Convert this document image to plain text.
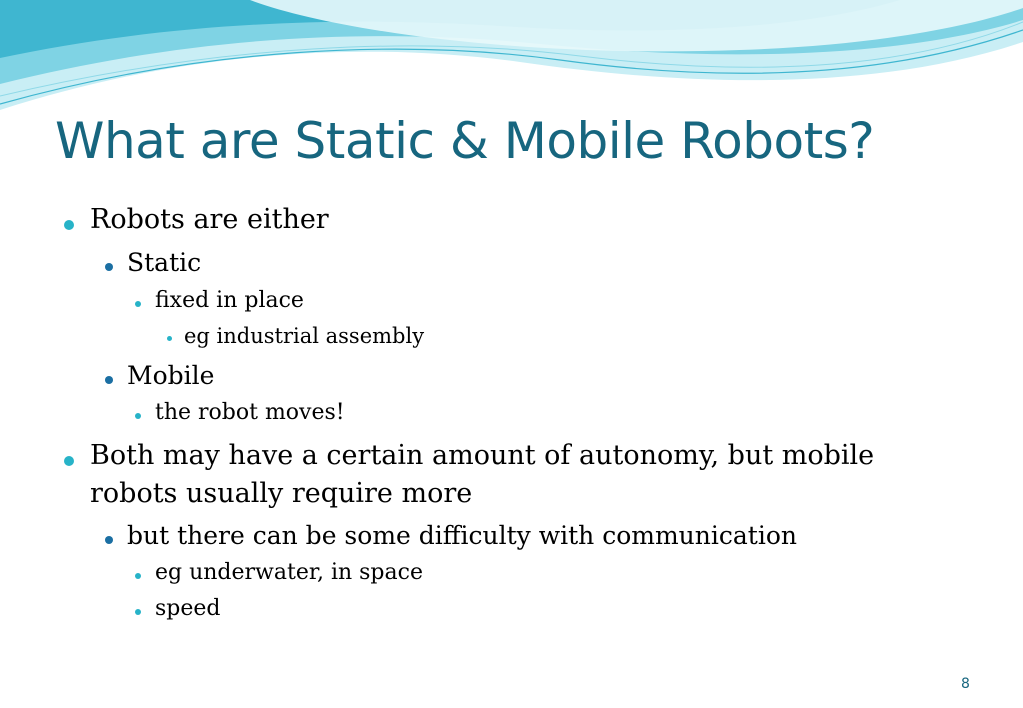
What are Static & Mobile Robots?
Robots are either
Static
fixed in place
eg industrial assembly
Mobile
the robot moves!
Both may have a certain amount of autonomy, but mobile
robots usually require more
but there can be some difficulty with communication
eg underwater, in space
speed
8
